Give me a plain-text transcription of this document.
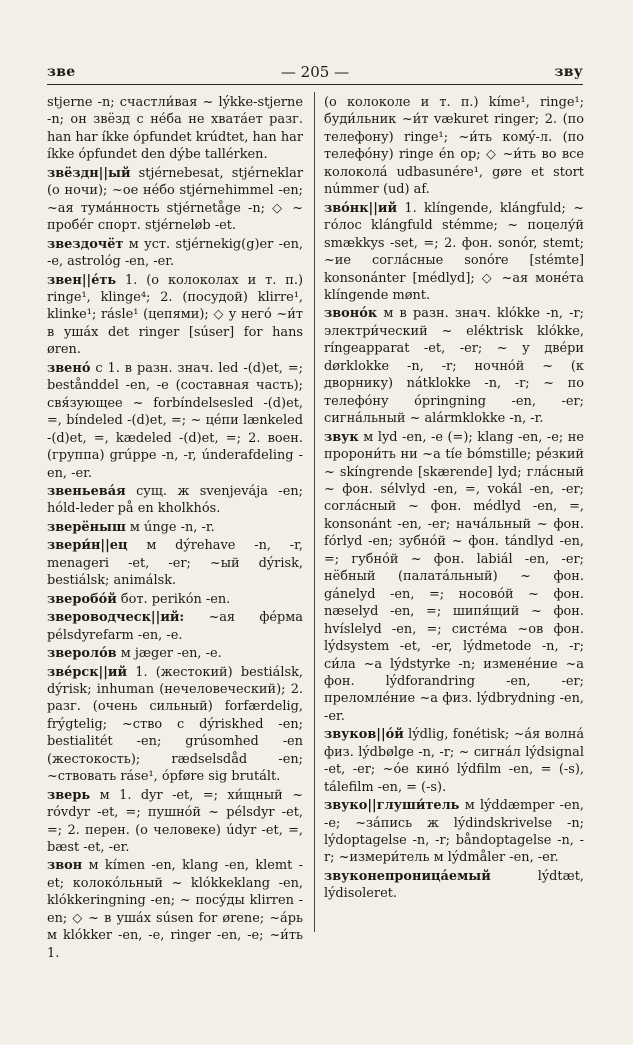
зве	— 205 —	зву
stjerne -n; счастли́вая ~ lýkke-stjerne -n; он звёзд с нéба не хватáет разг. han har íkke ópfundet krúdtet, han har íkke ópfundet den dýbe tallérken.
звёздн||ый stjérnebesat, stjérneklar (о ночи); ~ое нéбо stjérnehimmel -en; ~ая тума́нность stjérnetåge -n; ◇ ~ пробéг спорт. stjérneløb -et.
звездочёт м уст. stjérnekig(g)er -en, -e, astrológ -en, -er.
звен||éть 1. (о колоколах и т. п.) ringe¹, klinge⁴; 2. (посудой) klirre¹, klinke¹; rásle¹ (цепями); ◇ у негó ~и́т в ушáх det ringer [súser] for hans øren.
звенó с 1. в разн. знач. led -(d)et, =; bestånddel -en, -e (составная часть); свя́зующее ~ forbíndelsesled -(d)et, =, bíndeled -(d)et, =; ~ цéпи lænkeled -(d)et, =, kædeled -(d)et, =; 2. воен. (группа) grúppe -n, -r, únderafdeling -en, -er.
звеньевáя сущ. ж svenjevája -en; hóld-leder på en kholkhós.
зверёныш м únge -n, -r.
звери́н||ец м dýrehave -n, -r, menageri -et, -er; ~ый dýrisk, bestiálsk; animálsk.
зверобóй бот. perikón -en.
звероводческ||ий: ~ая фéрма pélsdyrefarm -en, -e.
зверолóв м jæger -en, -e.
зве́рск||ий 1. (жестокий) bestiálsk, dýrisk; inhuman (нечеловеческий); 2. разг. (очень сильный) forfærdelig, frýgtelig; ~ство с dýriskhed -en; bestialitét -en; grúsomhed -en (жестокость); rædselsdåd -en; ~ствовать ráse¹, ópføre sig brutált.
зверь м 1. dyr -et, =; хи́щный ~ róvdyr -et, =; пушнóй ~ pélsdyr -et, =; 2. перен. (о человеке) údyr -et, =, bæst -et, -er.
звон м kímen -en, klang -en, klemt -et; колокóльный ~ klókkeklang -en, klókkeringning -en; ~ посу́ды klirren -en; ◇ ~ в ушáх súsen for ørene; ~áрь м klókker -en, -e, ringer -en, -e; ~и́ть 1.
(о колоколе и т. п.) kíme¹, ringe¹; буди́льник ~и́т vækuret ringer; 2. (по телефону) ringe¹; ~и́ть комý-л. (по телефóну) ringe én op; ◇ ~и́ть во все колоколá udbasunére¹, gøre et stort númmer (ud) af.
звóнк||ий 1. klíngende, klángfuld; ~ гóлос klángfuld stémme; ~ поцелу́й smækkys -set, =; 2. фон. sonór, stemt; ~ие соглáсные sonóre [stémte] konsonánter [médlyd]; ◇ ~ая монéта klíngende mønt.
звонóк м в разн. знач. klókke -n, -r; электри́ческий ~ eléktrisk klókke, ríngeapparat -et, -er; ~ у двéри dørklokke -n, -r; ночнóй ~ (к дворнику) nátklokke -n, -r; ~ по телефóну ópringning -en, -er; сигнáльный ~ alármklokke -n, -r.
звук м lyd -en, -e (=); klang -en, -e; не пророни́ть ни ~a tíe bómstille; рéзкий ~ skíngrende [skærende] lyd; глáсный ~ фон. sélvlyd -en, =, vokál -en, -er; соглáсный ~ фон. médlyd -en, =, konsonánt -en, -er; начáльный ~ фон. fórlyd -en; зубнóй ~ фон. tándlyd -en, =; губнóй ~ фон. labiál -en, -er; нёбный (палатáльный) ~ фон. gánelyd -en, =; носовóй ~ фон. næselyd -en, =; шипя́щий ~ фон. hvíslelyd -en, =; систéма ~ов фон. lýdsystem -et, -er, lýdmetode -n, -r; си́ла ~a lýdstyrke -n; изменéние ~a фон. lýdforandring -en, -er; преломлéние ~a физ. lýdbrydning -en, -er.
звуков||óй lýdlig, fonétisk; ~áя волнá физ. lýdbølge -n, -r; ~ сигнáл lýdsignal -et, -er; ~óе кинó lýdfilm -en, = (-s), tálefilm -en, = (-s).
звуко||глуши́тель м lýddæmper -en, -e; ~зáпись ж lýdindskrivelse -n; lýdoptagelse -n, -r; båndoptagelse -n, -r; ~измери́тель м lýdmåler -en, -er.
звуконепроницáемый lýdtæt, lýdisoleret.
